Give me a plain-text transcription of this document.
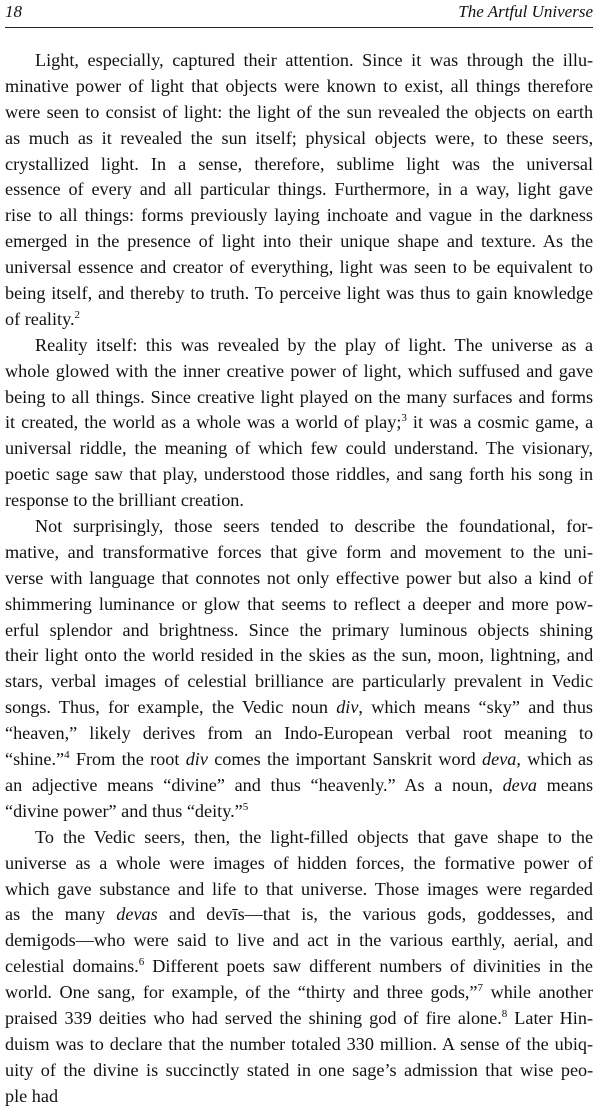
18	The Artful Universe
Light, especially, captured their attention. Since it was through the illu-
minative power of light that objects were known to exist, all things therefore
were seen to consist of light: the light of the sun revealed the objects on earth
as much as it revealed the sun itself; physical objects were, to these seers,
crystallized light. In a sense, therefore, sublime light was the universal
essence of every and all particular things. Furthermore, in a way, light gave
rise to all things: forms previously laying inchoate and vague in the darkness
emerged in the presence of light into their unique shape and texture. As the
universal essence and creator of everything, light was seen to be equivalent to
being itself, and thereby to truth. To perceive light was thus to gain knowledge
of reality.$^2$
Reality itself: this was revealed by the play of light. The universe as a
whole glowed with the inner creative power of light, which suffused and gave
being to all things. Since creative light played on the many surfaces and forms
it created, the world as a whole was a world of play;$^3$ it was a cosmic game, a
universal riddle, the meaning of which few could understand. The visionary,
poetic sage saw that play, understood those riddles, and sang forth his song in
response to the brilliant creation.
Not surprisingly, those seers tended to describe the foundational, for-
mative, and transformative forces that give form and movement to the uni-
verse with language that connotes not only effective power but also a kind of
shimmering luminance or glow that seems to reflect a deeper and more pow-
erful splendor and brightness. Since the primary luminous objects shining
their light onto the world resided in the skies as the sun, moon, lightning, and
stars, verbal images of celestial brilliance are particularly prevalent in Vedic
songs. Thus, for example, the Vedic noun div, which means “sky” and thus
“heaven,” likely derives from an Indo-European verbal root meaning to
“shine.”$^4$ From the root div comes the important Sanskrit word deva, which as
an adjective means “divine” and thus “heavenly.” As a noun, deva means
“divine power” and thus “deity.”$^5$
To the Vedic seers, then, the light-filled objects that gave shape to the
universe as a whole were images of hidden forces, the formative power of
which gave substance and life to that universe. Those images were regarded
as the many devas and devīs—that is, the various gods, goddesses, and
demigods—who were said to live and act in the various earthly, aerial, and
celestial domains.$^6$ Different poets saw different numbers of divinities in the
world. One sang, for example, of the “thirty and three gods,”$^7$ while another
praised 339 deities who had served the shining god of fire alone.$^8$ Later Hin-
duism was to declare that the number totaled 330 million. A sense of the ubiq-
uity of the divine is succinctly stated in one sage’s admission that wise peo-
ple had
